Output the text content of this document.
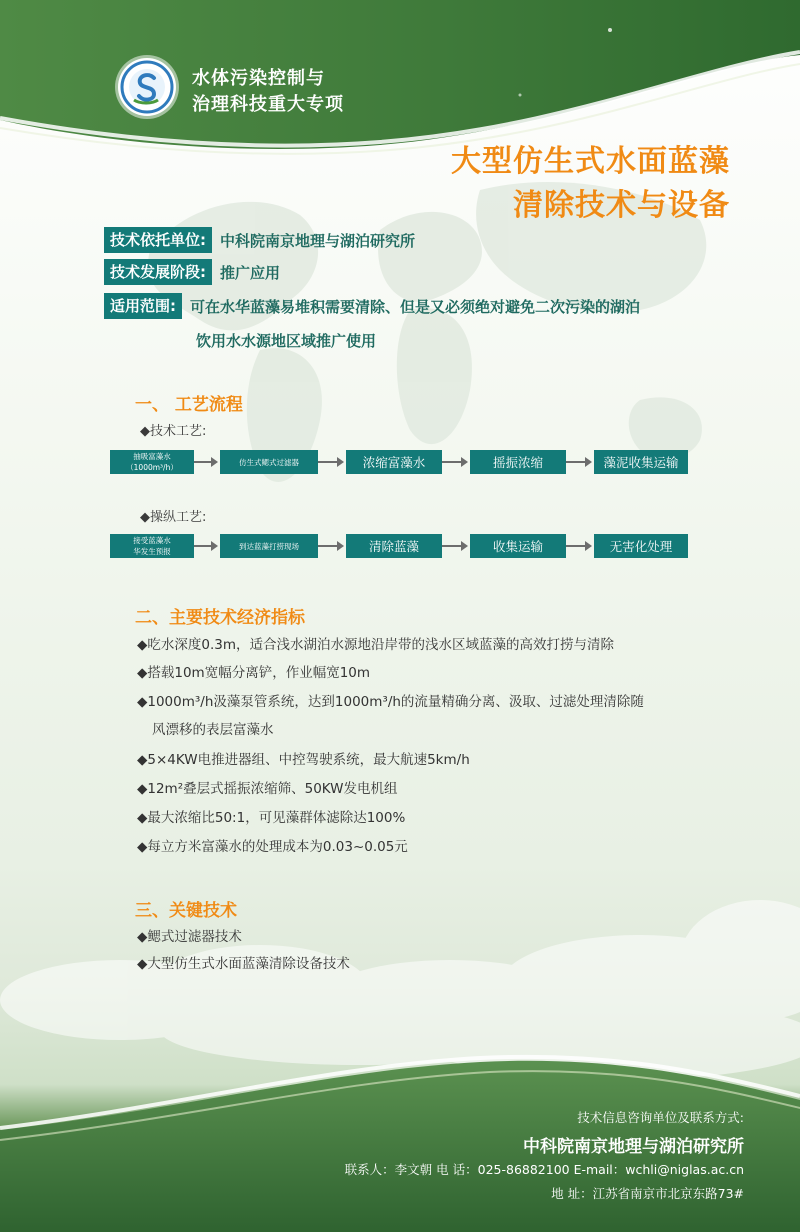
水体污染控制与
治理科技重大专项
大型仿生式水面蓝藻
清除技术与设备
技术依托单位: 中科院南京地理与湖泊研究所
技术发展阶段: 推广应用
适用范围: 可在水华蓝藻易堆积需要清除、但是又必须绝对避免二次污染的湖泊
饮用水水源地区域推广使用
一、 工艺流程
◆技术工艺:
抽吸富藻水
（1000m³/h）
仿生式鳃式过滤器	浓缩富藻水	摇振浓缩	藻泥收集运输
◆操纵工艺:
接受蓝藻水
华发生预报
到达蓝藻打捞现场	清除蓝藻	收集运输	无害化处理
二、主要技术经济指标
◆吃水深度0.3m，适合浅水湖泊水源地沿岸带的浅水区域蓝藻的高效打捞与清除
◆搭载10m宽幅分离铲，作业幅宽10m
◆1000m³/h汲藻泵管系统，达到1000m³/h的流量精确分离、汲取、过滤处理清除随
风漂移的表层富藻水
◆5×4KW电推进器组、中控驾驶系统，最大航速5km/h
◆12m²叠层式摇振浓缩筛、50KW发电机组
◆最大浓缩比50:1，可见藻群体滤除达100%
◆每立方米富藻水的处理成本为0.03~0.05元
三、关键技术
◆鳃式过滤器技术
◆大型仿生式水面蓝藻清除设备技术
技术信息咨询单位及联系方式:
中科院南京地理与湖泊研究所
联系人：李文朝 电 话：025-86882100 E-mail：wchli@niglas.ac.cn
地 址：江苏省南京市北京东路73#
